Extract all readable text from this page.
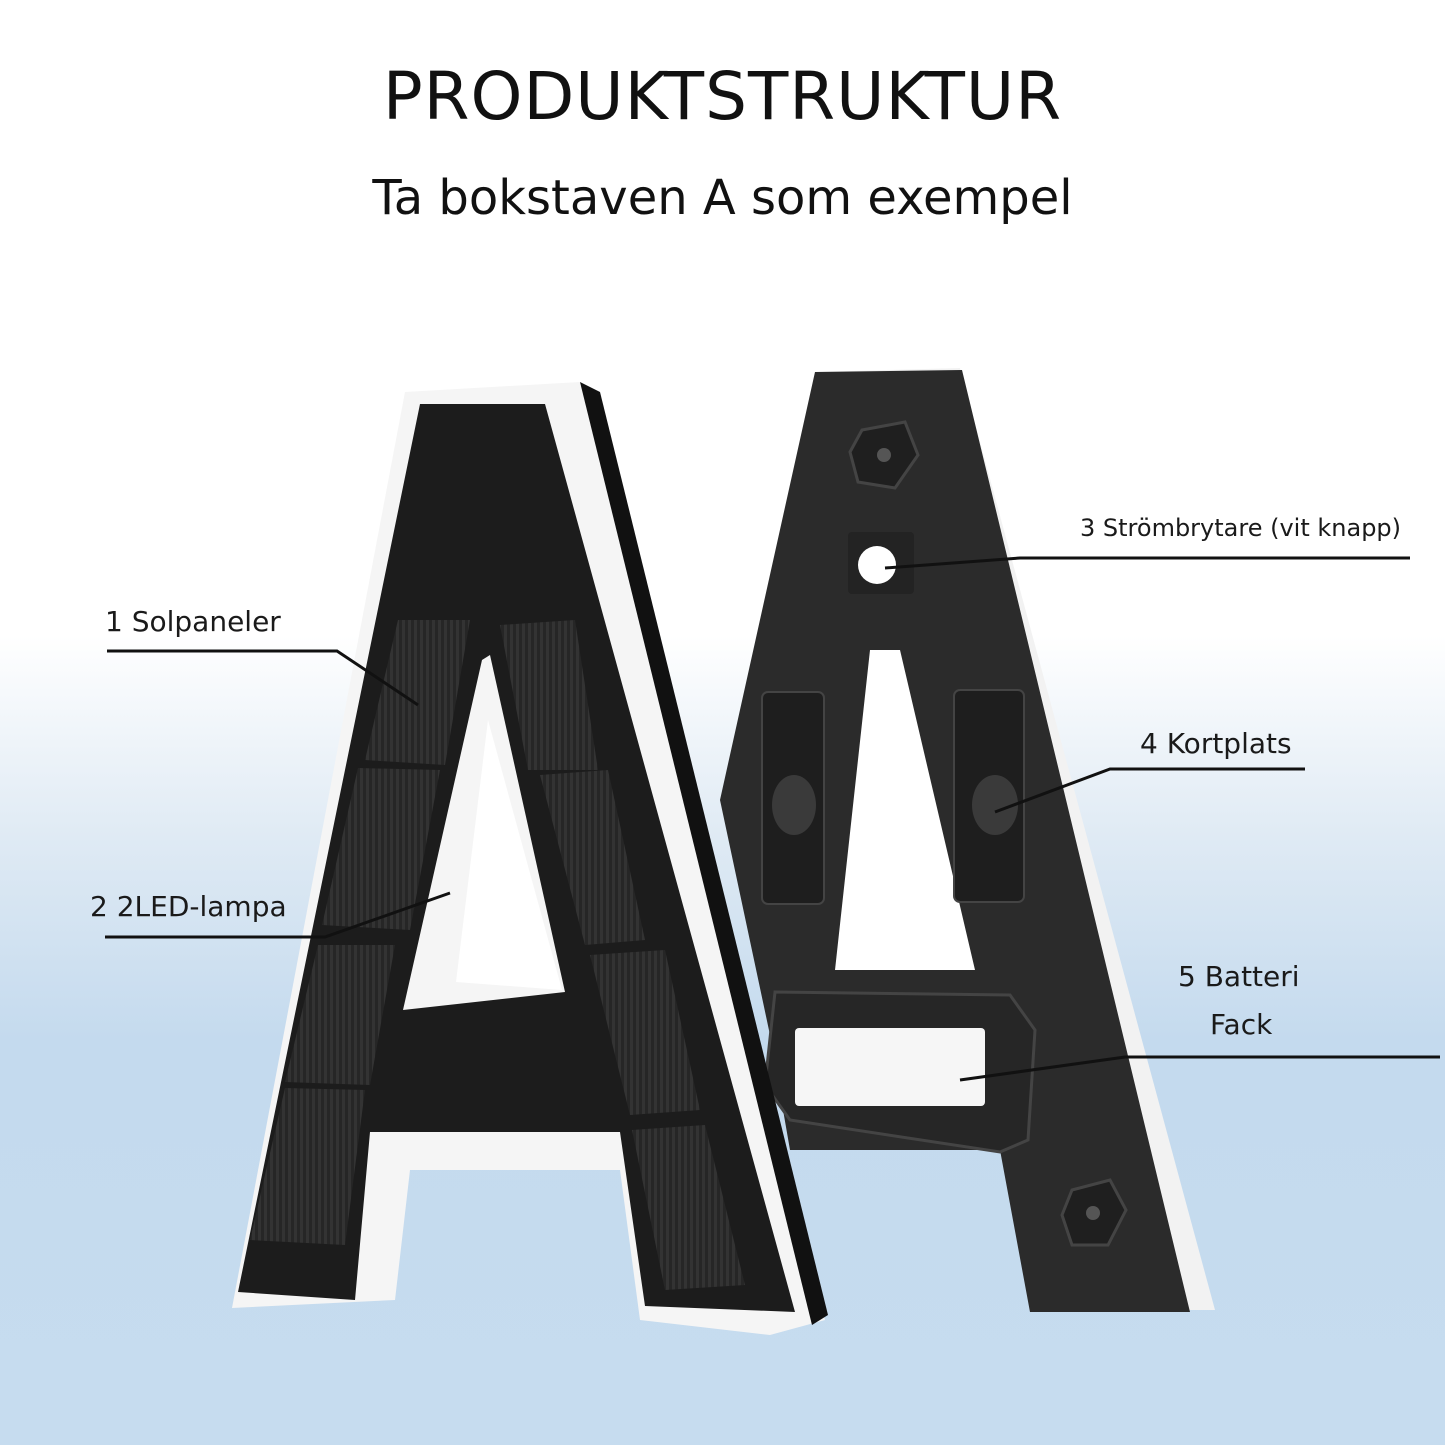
PRODUKTSTRUKTUR
Ta bokstaven A som exempel
1 Solpaneler
2 2LED-lampa
3 Strömbrytare (vit knapp)
4 Kortplats
5 Batteri
Fack
